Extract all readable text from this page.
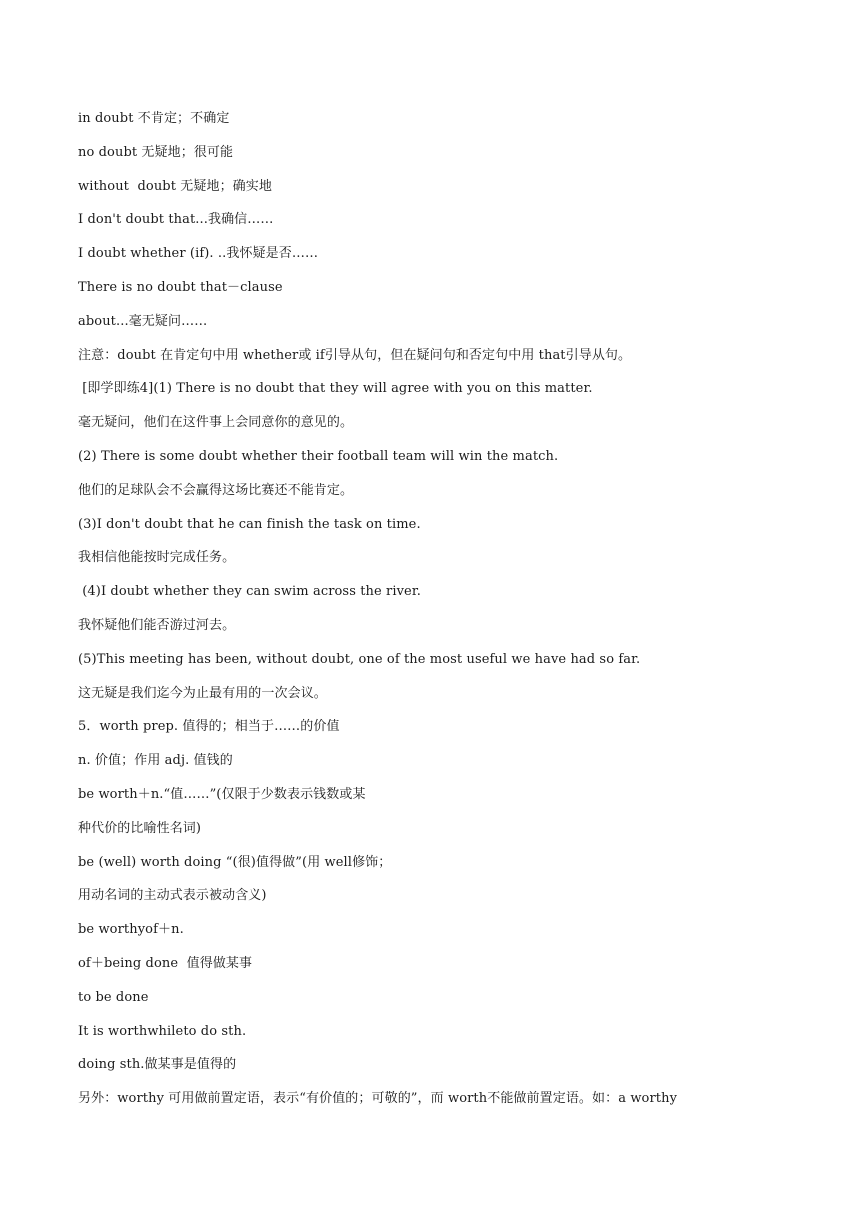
in doubt 不肯定；不确定
no doubt 无疑地；很可能
without  doubt 无疑地；确实地
I don't doubt that...我确信……
I doubt whether (if). ..我怀疑是否……
There is no doubt that－clause
about...毫无疑问……
注意：doubt 在肯定句中用 whether或 if引导从句，但在疑问句和否定句中用 that引导从句。
[即学即练4](1) There is no doubt that they will agree with you on this matter.
毫无疑问，他们在这件事上会同意你的意见的。
(2) There is some doubt whether their football team will win the match.
他们的足球队会不会赢得这场比赛还不能肯定。
(3)I don't doubt that he can finish the task on time.
我相信他能按时完成任务。
(4)I doubt whether they can swim across the river.
我怀疑他们能否游过河去。
(5)This meeting has been, without doubt, one of the most useful we have had so far.
这无疑是我们迄今为止最有用的一次会议。
5．worth prep. 值得的；相当于……的价值
n. 价值；作用 adj. 值钱的
be worth＋n.“值……”(仅限于少数表示钱数或某
种代价的比喻性名词)
be (well) worth doing “(很)值得做”(用 well修饰；
用动名词的主动式表示被动含义)
be worthyof＋n.
of＋being done  值得做某事
to be done
It is worthwhileto do sth.
doing sth.做某事是值得的
另外：worthy 可用做前置定语，表示“有价值的；可敬的”，而 worth不能做前置定语。如：a worthy
